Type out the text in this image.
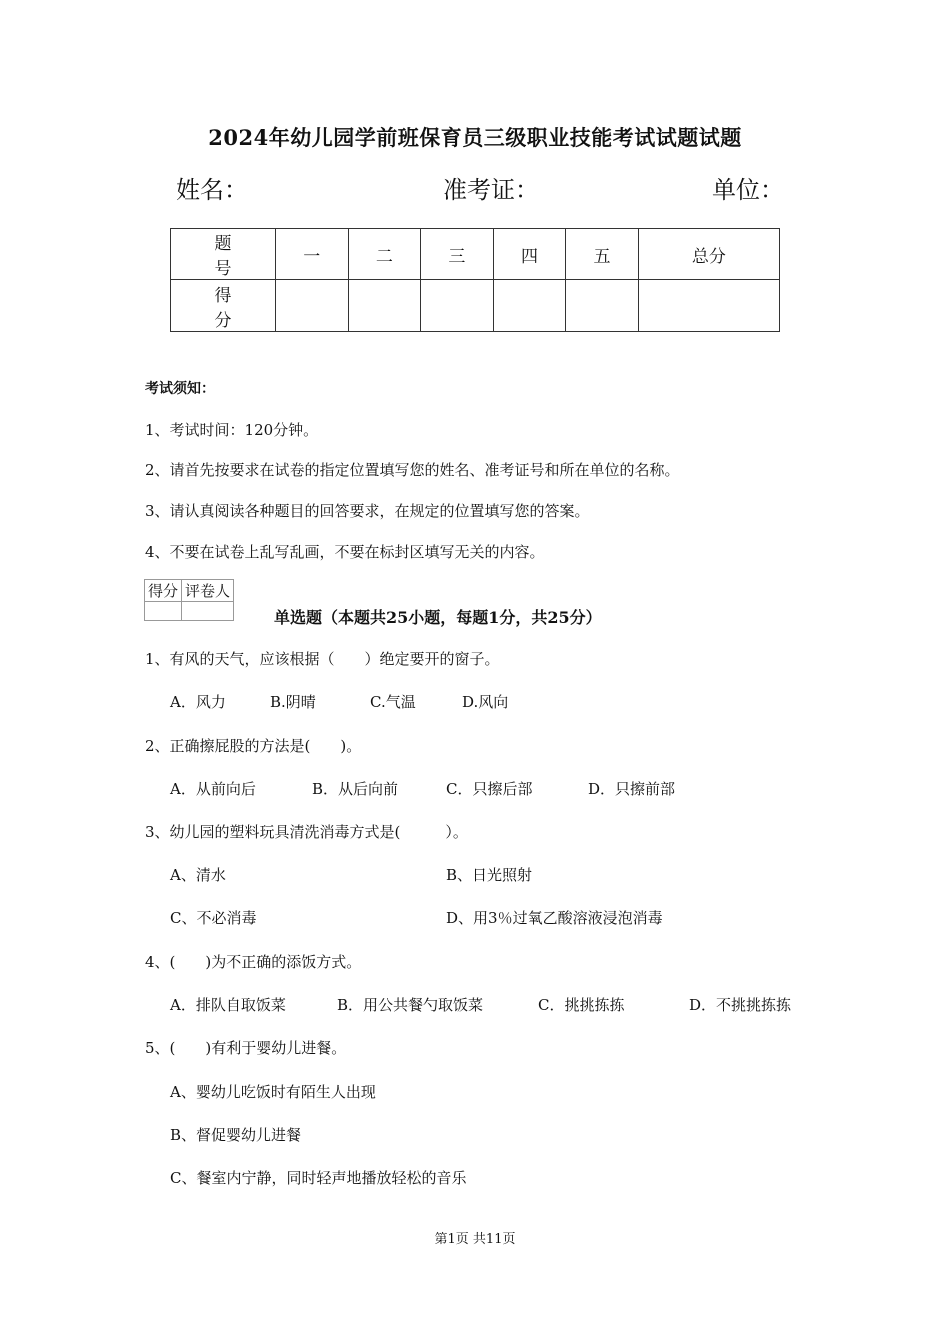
2024年幼儿园学前班保育员三级职业技能考试试题试题
姓名：	准考证：	单位：
题　号	一	二	三	四	五	总分
得　分						
考试须知：
1、考试时间：120分钟。
2、请首先按要求在试卷的指定位置填写您的姓名、准考证号和所在单位的名称。
3、请认真阅读各种题目的回答要求，在规定的位置填写您的答案。
4、不要在试卷上乱写乱画，不要在标封区填写无关的内容。
得分	评卷人

单选题（本题共25小题，每题1分，共25分）
1、有风的天气，应该根据（　　）绝定要开的窗子。
A．风力	B.阴晴	C.气温	D.风向
2、正确擦屁股的方法是(　　)。
A．从前向后	B．从后向前	C．只擦后部	D．只擦前部
3、幼儿园的塑料玩具清洗消毒方式是(　　　）。
A、清水	B、日光照射
C、不必消毒	D、用3％过氧乙酸溶液浸泡消毒
4、(　　)为不正确的添饭方式。
A．排队自取饭菜	B．用公共餐勺取饭菜	C．挑挑拣拣	D．不挑挑拣拣
5、(　　)有利于婴幼儿进餐。
A、婴幼儿吃饭时有陌生人出现
B、督促婴幼儿进餐
C、餐室内宁静，同时轻声地播放轻松的音乐
第1页 共11页
